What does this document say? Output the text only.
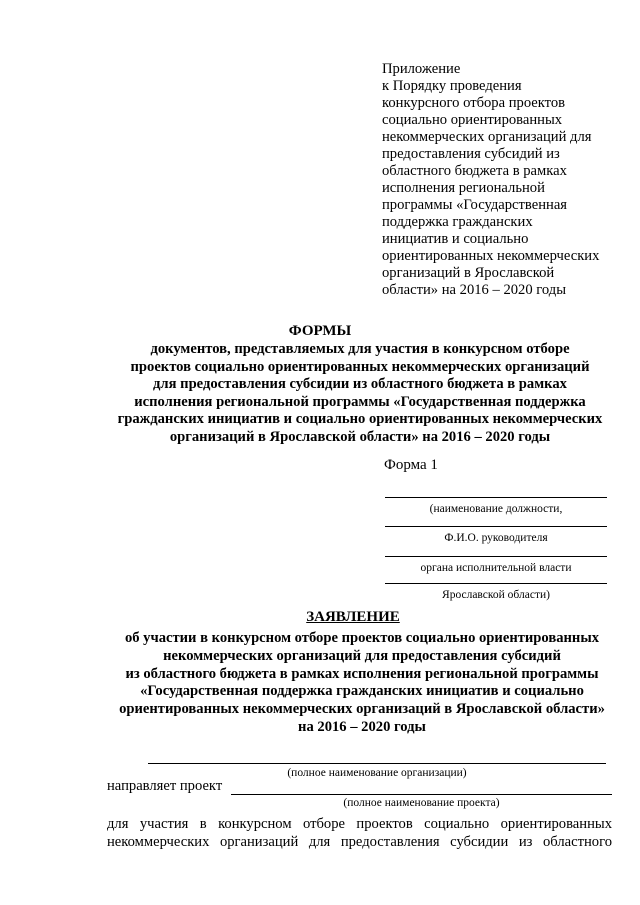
Приложение
к Порядку проведения
конкурсного отбора проектов
социально ориентированных
некоммерческих организаций для
предоставления субсидий из
областного бюджета в рамках
исполнения региональной
программы «Государственная
поддержка гражданских
инициатив и социально
ориентированных некоммерческих
организаций в Ярославской
области» на 2016 – 2020 годы
ФОРМЫ
документов, представляемых для участия в конкурсном отборе
проектов социально ориентированных некоммерческих организаций
для предоставления субсидии из областного бюджета в рамках
исполнения региональной программы «Государственная поддержка
гражданских инициатив и социально ориентированных некоммерческих
организаций в Ярославской области» на 2016 – 2020 годы
Форма 1
(наименование должности,
Ф.И.О. руководителя
органа исполнительной власти
Ярославской области)
ЗАЯВЛЕНИЕ
об участии в конкурсном отборе проектов социально ориентированных
некоммерческих организаций для предоставления субсидий
из областного бюджета в рамках исполнения региональной программы
«Государственная поддержка гражданских инициатив и социально
ориентированных некоммерческих организаций в Ярославской области»
на 2016 – 2020 годы
(полное наименование организации)
направляет проект
(полное наименование проекта)
для участия в конкурсном отборе проектов социально ориентированных
некоммерческих организаций для предоставления субсидии из областного
